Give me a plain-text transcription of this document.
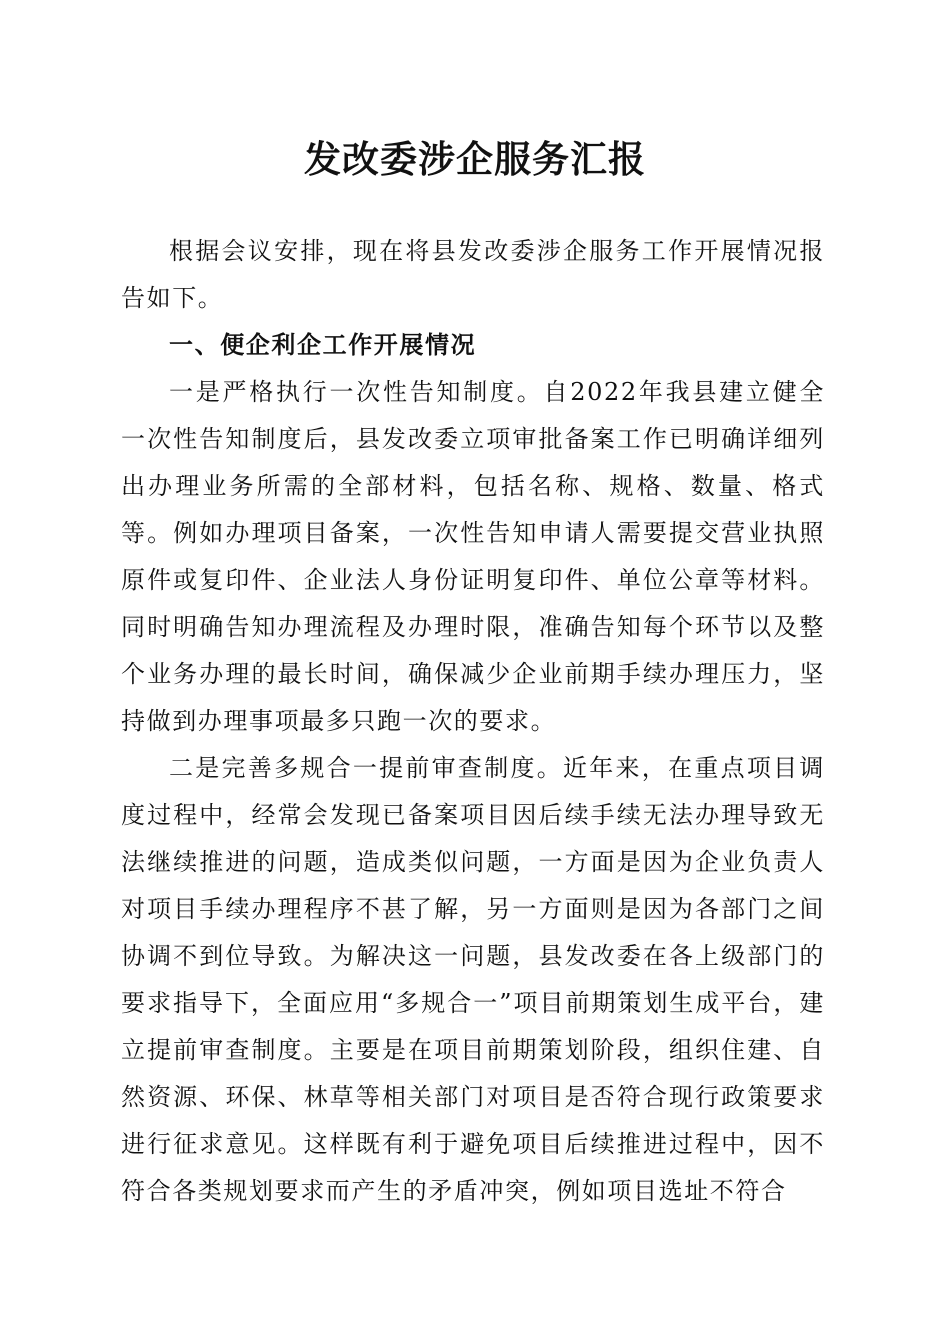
发改委涉企服务汇报

根据会议安排，现在将县发改委涉企服务工作开展情况报告如下。

一、便企利企工作开展情况

一是严格执行一次性告知制度。自2022年我县建立健全一次性告知制度后，县发改委立项审批备案工作已明确详细列出办理业务所需的全部材料，包括名称、规格、数量、格式等。例如办理项目备案，一次性告知申请人需要提交营业执照原件或复印件、企业法人身份证明复印件、单位公章等材料。同时明确告知办理流程及办理时限，准确告知每个环节以及整个业务办理的最长时间，确保减少企业前期手续办理压力，坚持做到办理事项最多只跑一次的要求。

二是完善多规合一提前审查制度。近年来，在重点项目调度过程中，经常会发现已备案项目因后续手续无法办理导致无法继续推进的问题，造成类似问题，一方面是因为企业负责人对项目手续办理程序不甚了解，另一方面则是因为各部门之间协调不到位导致。为解决这一问题，县发改委在各上级部门的要求指导下，全面应用“多规合一”项目前期策划生成平台，建立提前审查制度。主要是在项目前期策划阶段，组织住建、自然资源、环保、林草等相关部门对项目是否符合现行政策要求进行征求意见。这样既有利于避免项目后续推进过程中，因不符合各类规划要求而产生的矛盾冲突，例如项目选址不符合
